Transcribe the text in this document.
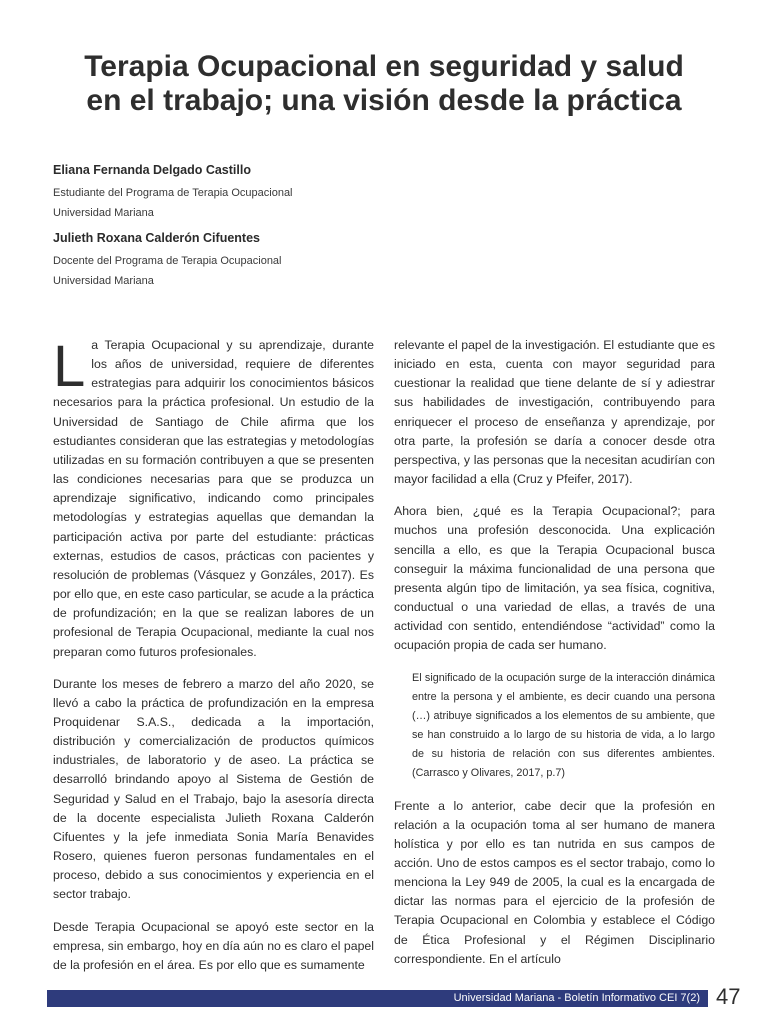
Terapia Ocupacional en seguridad y salud
en el trabajo; una visión desde la práctica

Eliana Fernanda Delgado Castillo

Estudiante del Programa de Terapia Ocupacional

Universidad Mariana

Julieth Roxana Calderón Cifuentes

Docente del Programa de Terapia Ocupacional

Universidad Mariana

La Terapia Ocupacional y su aprendizaje, durante los años de universidad, requiere de diferentes estrategias para adquirir los conocimientos básicos necesarios para la práctica profesional. Un estudio de la Universidad de Santiago de Chile afirma que los estudiantes consideran que las estrategias y metodologías utilizadas en su formación contribuyen a que se presenten las condiciones necesarias para que se produzca un aprendizaje significativo, indicando como principales metodologías y estrategias aquellas que demandan la participación activa por parte del estudiante: prácticas externas, estudios de casos, prácticas con pacientes y resolución de problemas (Vásquez y Gonzáles, 2017). Es por ello que, en este caso particular, se acude a la práctica de profundización; en la que se realizan labores de un profesional de Terapia Ocupacional, mediante la cual nos preparan como futuros profesionales.

Durante los meses de febrero a marzo del año 2020, se llevó a cabo la práctica de profundización en la empresa Proquidenar S.A.S., dedicada a la importación, distribución y comercialización de productos químicos industriales, de laboratorio y de aseo. La práctica se desarrolló brindando apoyo al Sistema de Gestión de Seguridad y Salud en el Trabajo, bajo la asesoría directa de la docente especialista Julieth Roxana Calderón Cifuentes y la jefe inmediata Sonia María Benavides Rosero, quienes fueron personas fundamentales en el proceso, debido a sus conocimientos y experiencia en el sector trabajo.

Desde Terapia Ocupacional se apoyó este sector en la empresa, sin embargo, hoy en día aún no es claro el papel de la profesión en el área. Es por ello que es sumamente

relevante el papel de la investigación. El estudiante que es iniciado en esta, cuenta con mayor seguridad para cuestionar la realidad que tiene delante de sí y adiestrar sus habilidades de investigación, contribuyendo para enriquecer el proceso de enseñanza y aprendizaje, por otra parte, la profesión se daría a conocer desde otra perspectiva, y las personas que la necesitan acudirían con mayor facilidad a ella (Cruz y Pfeifer, 2017).

Ahora bien, ¿qué es la Terapia Ocupacional?; para muchos una profesión desconocida. Una explicación sencilla a ello, es que la Terapia Ocupacional busca conseguir la máxima funcionalidad de una persona que presenta algún tipo de limitación, ya sea física, cognitiva, conductual o una variedad de ellas, a través de una actividad con sentido, entendiéndose “actividad” como la ocupación propia de cada ser humano.

El significado de la ocupación surge de la interacción dinámica entre la persona y el ambiente, es decir cuando una persona (…) atribuye significados a los elementos de su ambiente, que se han construido a lo largo de su historia de vida, a lo largo de su historia de relación con sus diferentes ambientes. (Carrasco y Olivares, 2017, p.7)

Frente a lo anterior, cabe decir que la profesión en relación a la ocupación toma al ser humano de manera holística y por ello es tan nutrida en sus campos de acción. Uno de estos campos es el sector trabajo, como lo menciona la Ley 949 de 2005, la cual es la encargada de dictar las normas para el ejercicio de la profesión de Terapia Ocupacional en Colombia y establece el Código de Ética Profesional y el Régimen Disciplinario correspondiente. En el artículo

Universidad Mariana - Boletín Informativo CEI 7(2) 47
